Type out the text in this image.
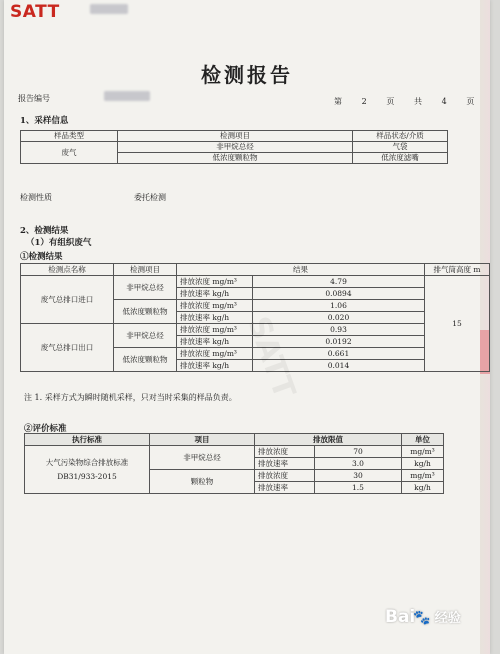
SATT
检测报告
报告编号	第 2 页 共 4 页
1、采样信息
样品类型	检测项目	样品状态/介质
废气	非甲烷总烃	气袋
	低浓度颗粒物	低浓度滤嘴
检测性质	委托检测
2、检测结果
（1）有组织废气
①检测结果
检测点名称	检测项目	结果		排气筒高度 m
废气总排口进口	非甲烷总烃	排放浓度 mg/m³	4.79	15
		排放速率 kg/h	0.0894	
	低浓度颗粒物	排放浓度 mg/m³	1.06	
		排放速率 kg/h	0.020	
废气总排口出口	非甲烷总烃	排放浓度 mg/m³	0.93	
		排放速率 kg/h	0.0192	
	低浓度颗粒物	排放浓度 mg/m³	0.661	
		排放速率 kg/h	0.014	
注 1. 采样方式为瞬时随机采样，只对当时采集的样品负责。
②评价标准
执行标准	项目	排放限值		单位
大气污染物综合排放标准
DB31/933-2015	非甲烷总烃	排放浓度	70	mg/m³
		排放速率	3.0	kg/h
	颗粒物	排放浓度	30	mg/m³
		排放速率	1.5	kg/h
SATT
Bai🐾 经验
